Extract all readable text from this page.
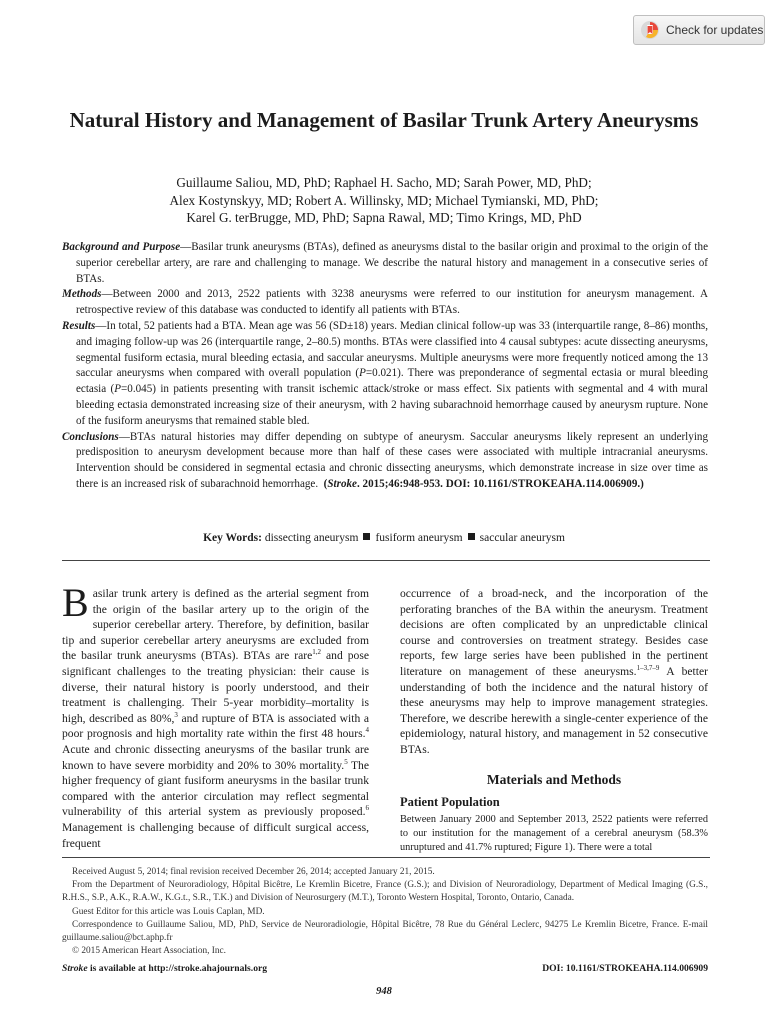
Check for updates
Natural History and Management of Basilar Trunk Artery Aneurysms
Guillaume Saliou, MD, PhD; Raphael H. Sacho, MD; Sarah Power, MD, PhD;
Alex Kostynskyy, MD; Robert A. Willinsky, MD; Michael Tymianski, MD, PhD;
Karel G. terBrugge, MD, PhD; Sapna Rawal, MD; Timo Krings, MD, PhD

Background and Purpose—Basilar trunk aneurysms (BTAs), defined as aneurysms distal to the basilar origin and proximal to the origin of the superior cerebellar artery, are rare and challenging to manage. We describe the natural history and management in a consecutive series of BTAs.

Methods—Between 2000 and 2013, 2522 patients with 3238 aneurysms were referred to our institution for aneurysm management. A retrospective review of this database was conducted to identify all patients with BTAs.

Results—In total, 52 patients had a BTA. Mean age was 56 (SD±18) years. Median clinical follow-up was 33 (interquartile range, 8–86) months, and imaging follow-up was 26 (interquartile range, 2–80.5) months. BTAs were classified into 4 causal subtypes: acute dissecting aneurysms, segmental fusiform ectasia, mural bleeding ectasia, and saccular aneurysms. Multiple aneurysms were more frequently noticed among the 13 saccular aneurysms when compared with overall population (P=0.021). There was preponderance of segmental ectasia or mural bleeding ectasia (P=0.045) in patients presenting with transit ischemic attack/stroke or mass effect. Six patients with segmental and 4 with mural bleeding ectasia demonstrated increasing size of their aneurysm, with 2 having subarachnoid hemorrhage caused by aneurysm rupture. None of the fusiform aneurysms that remained stable bled.

Conclusions—BTAs natural histories may differ depending on subtype of aneurysm. Saccular aneurysms likely represent an underlying predisposition to aneurysm development because more than half of these cases were associated with multiple intracranial aneurysms. Intervention should be considered in segmental ectasia and chronic dissecting aneurysms, which demonstrate increase in size over time as there is an increased risk of subarachnoid hemorrhage. (Stroke. 2015;46:948-953. DOI: 10.1161/STROKEAHA.114.006909.)

Key Words: dissecting aneurysm fusiform aneurysm saccular aneurysm

Basilar trunk artery is defined as the arterial segment from the origin of the basilar artery up to the origin of the superior cerebellar artery. Therefore, by definition, basilar tip and superior cerebellar artery aneurysms are excluded from the basilar trunk aneurysms (BTAs). BTAs are rare$^{1,2}$ and pose significant challenges to the treating physician: their cause is diverse, their natural history is poorly understood, and their treatment is challenging. Their 5-year morbidity–mortality is high, described as 80%,$^3$ and rupture of BTA is associated with a poor prognosis and high mortality rate within the first 48 hours.$^4$ Acute and chronic dissecting aneurysms of the basilar trunk are known to have severe morbidity and 20% to 30% mortality.$^5$ The higher frequency of giant fusiform aneurysms in the basilar trunk compared with the anterior circulation may reflect segmental vulnerability of this arterial system as previously proposed.$^6$ Management is challenging because of difficult surgical access, frequent

occurrence of a broad-neck, and the incorporation of the perforating branches of the BA within the aneurysm. Treatment decisions are often complicated by an unpredictable clinical course and controversies on treatment strategy. Besides case reports, few large series have been published in the pertinent literature on management of these aneurysms.$^{1-3,7-9}$ A better understanding of both the incidence and the natural history of these aneurysms may help to improve management strategies. Therefore, we describe herewith a single-center experience of the epidemiology, natural history, and management in 52 consecutive BTAs.

Materials and Methods
Patient Population

Between January 2000 and September 2013, 2522 patients were referred to our institution for the management of a cerebral aneurysm (58.3% unruptured and 41.7% ruptured; Figure 1). There were a total

Received August 5, 2014; final revision received December 26, 2014; accepted January 21, 2015.

From the Department of Neuroradiology, Hôpital Bicêtre, Le Kremlin Bicetre, France (G.S.); and Division of Neuroradiology, Department of Medical Imaging (G.S., R.H.S., S.P., A.K., R.A.W., K.G.t., S.R., T.K.) and Division of Neurosurgery (M.T.), Toronto Western Hospital, Toronto, Ontario, Canada.

Guest Editor for this article was Louis Caplan, MD.

Correspondence to Guillaume Saliou, MD, PhD, Service de Neuroradiologie, Hôpital Bicêtre, 78 Rue du Général Leclerc, 94275 Le Kremlin Bicetre, France. E-mail guillaume.saliou@bct.aphp.fr

© 2015 American Heart Association, Inc.

Stroke is available at http://stroke.ahajournals.org	DOI: 10.1161/STROKEAHA.114.006909
948
